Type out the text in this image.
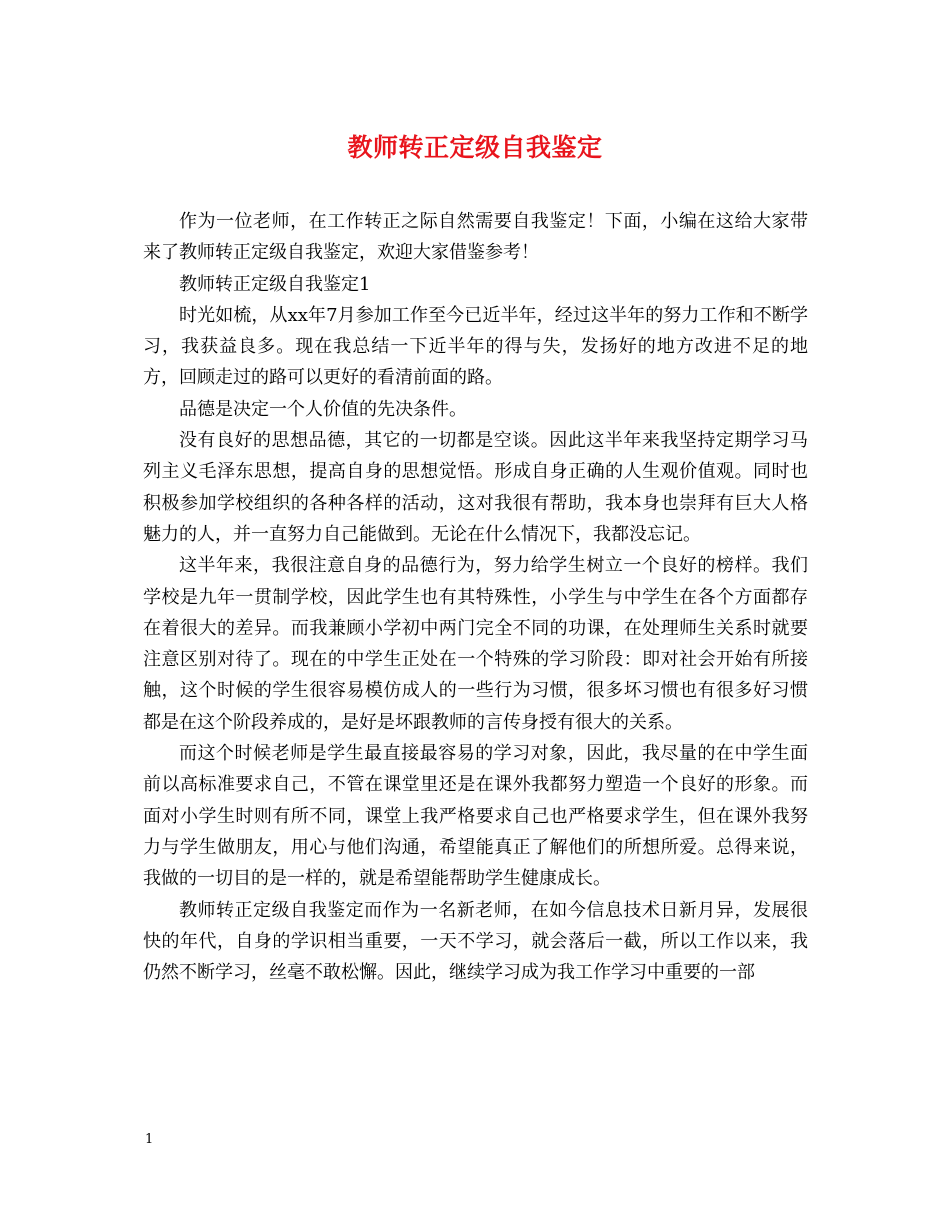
教师转正定级自我鉴定

作为一位老师，在工作转正之际自然需要自我鉴定！下面，小编在这给大家带来了教师转正定级自我鉴定，欢迎大家借鉴参考！

教师转正定级自我鉴定1

时光如梳，从xx年7月参加工作至今已近半年，经过这半年的努力工作和不断学习，我获益良多。现在我总结一下近半年的得与失，发扬好的地方改进不足的地方，回顾走过的路可以更好的看清前面的路。

品德是决定一个人价值的先决条件。

没有良好的思想品德，其它的一切都是空谈。因此这半年来我坚持定期学习马列主义毛泽东思想，提高自身的思想觉悟。形成自身正确的人生观价值观。同时也积极参加学校组织的各种各样的活动，这对我很有帮助，我本身也崇拜有巨大人格魅力的人，并一直努力自己能做到。无论在什么情况下，我都没忘记。

这半年来，我很注意自身的品德行为，努力给学生树立一个良好的榜样。我们学校是九年一贯制学校，因此学生也有其特殊性，小学生与中学生在各个方面都存在着很大的差异。而我兼顾小学初中两门完全不同的功课，在处理师生关系时就要注意区别对待了。现在的中学生正处在一个特殊的学习阶段：即对社会开始有所接触，这个时候的学生很容易模仿成人的一些行为习惯，很多坏习惯也有很多好习惯都是在这个阶段养成的，是好是坏跟教师的言传身授有很大的关系。

而这个时候老师是学生最直接最容易的学习对象，因此，我尽量的在中学生面前以高标准要求自己，不管在课堂里还是在课外我都努力塑造一个良好的形象。而面对小学生时则有所不同，课堂上我严格要求自己也严格要求学生，但在课外我努力与学生做朋友，用心与他们沟通，希望能真正了解他们的所想所爱。总得来说，我做的一切目的是一样的，就是希望能帮助学生健康成长。

教师转正定级自我鉴定而作为一名新老师，在如今信息技术日新月异，发展很快的年代，自身的学识相当重要，一天不学习，就会落后一截，所以工作以来，我仍然不断学习，丝毫不敢松懈。因此，继续学习成为我工作学习中重要的一部

1
